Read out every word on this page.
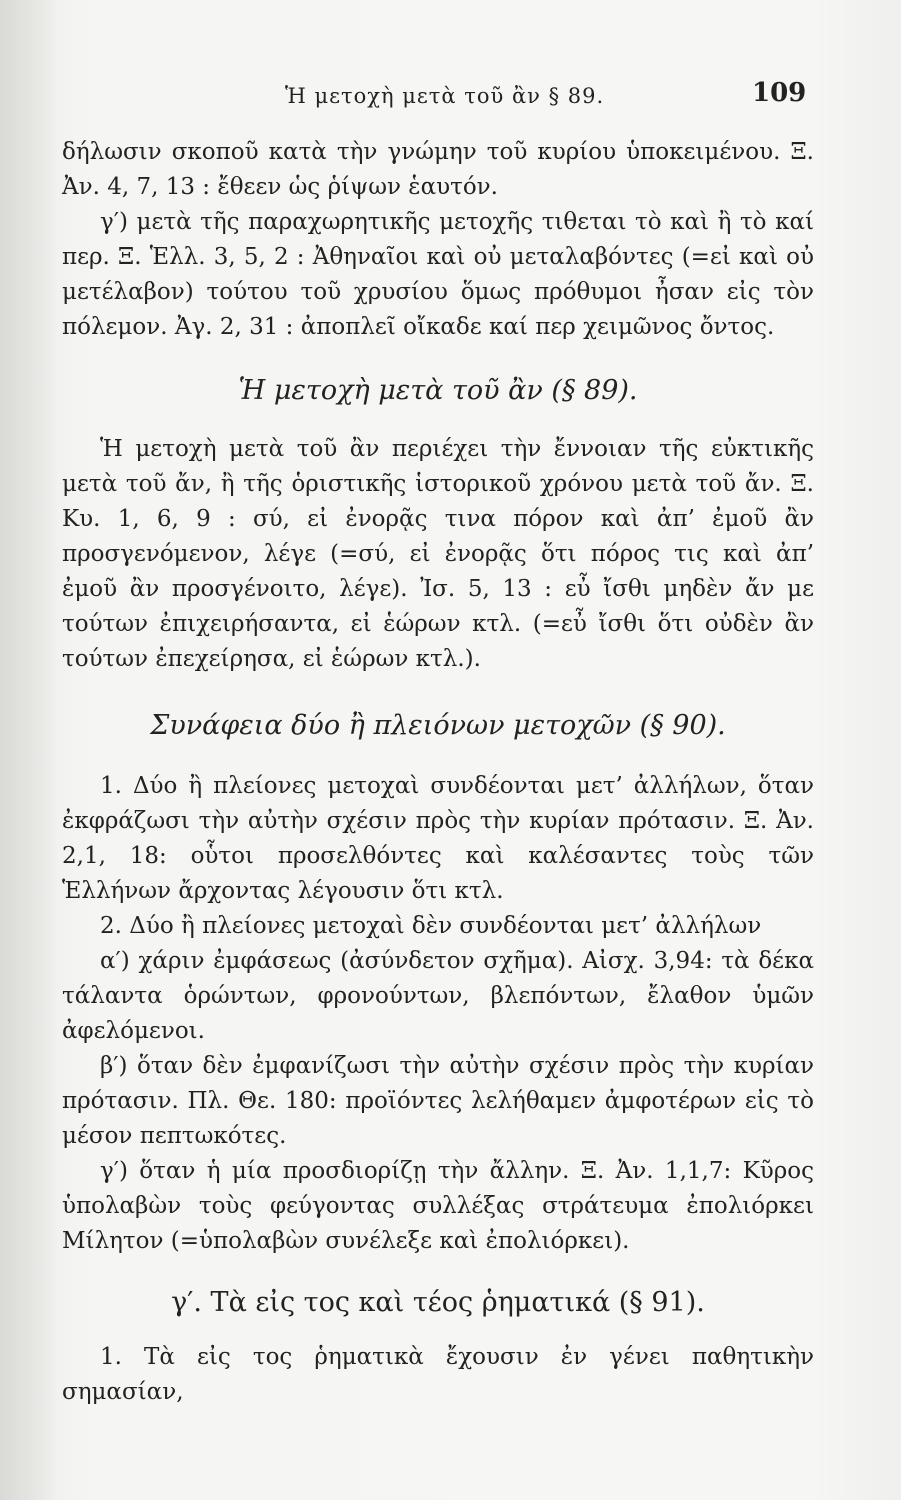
Ἡ μετοχὴ μετὰ τοῦ ἂν § 89.	109

δήλωσιν σκοποῦ κατὰ τὴν γνώμην τοῦ κυρίου ὑποκειμένου. Ξ. Ἀν. 4, 7, 13 : ἔθεεν ὡς ῥίψων ἑαυτόν.

γ′) μετὰ τῆς παραχωρητικῆς μετοχῆς τιθεται τὸ καὶ ἢ τὸ καί περ. Ξ. Ἑλλ. 3, 5, 2 : Ἀθηναῖοι καὶ οὐ μεταλαβόντες (=εἰ καὶ οὐ μετέλαβον) τούτου τοῦ χρυσίου ὅμως πρόθυμοι ἦσαν εἰς τὸν πόλεμον. Ἀγ. 2, 31 : ἀποπλεῖ οἴκαδε καί περ χειμῶνος ὄντος.

Ἡ μετοχὴ μετὰ τοῦ ἂν (§ 89).

Ἡ μετοχὴ μετὰ τοῦ ἂν περιέχει τὴν ἔννοιαν τῆς εὐκτικῆς μετὰ τοῦ ἄν, ἢ τῆς ὁριστικῆς ἱστορικοῦ χρόνου μετὰ τοῦ ἄν. Ξ. Κυ. 1, 6, 9 : σύ, εἰ ἐνορᾷς τινα πόρον καὶ ἀπ’ ἐμοῦ ἂν προσγενόμενον, λέγε (=σύ, εἰ ἐνορᾷς ὅτι πόρος τις καὶ ἀπ’ ἐμοῦ ἂν προσγένοιτο, λέγε). Ἰσ. 5, 13 : εὖ ἴσθι μηδὲν ἄν με τούτων ἐπιχειρήσαντα, εἰ ἑώρων κτλ. (=εὖ ἴσθι ὅτι οὐδὲν ἂν τούτων ἐπεχείρησα, εἰ ἑώρων κτλ.).

Συνάφεια δύο ἢ πλειόνων μετοχῶν (§ 90).

1. Δύο ἢ πλείονες μετοχαὶ συνδέονται μετ’ ἀλλήλων, ὅταν ἐκφράζωσι τὴν αὐτὴν σχέσιν πρὸς τὴν κυρίαν πρότασιν. Ξ. Ἀν. 2,1, 18: οὗτοι προσελθόντες καὶ καλέσαντες τοὺς τῶν Ἑλλήνων ἄρχοντας λέγουσιν ὅτι κτλ.

2. Δύο ἢ πλείονες μετοχαὶ δὲν συνδέονται μετ’ ἀλλήλων

α′) χάριν ἐμφάσεως (ἀσύνδετον σχῆμα). Αἰσχ. 3,94: τὰ δέκα τάλαντα ὁρώντων, φρονούντων, βλεπόντων, ἔλαθον ὑμῶν ἀφελόμενοι.

β′) ὅταν δὲν ἐμφανίζωσι τὴν αὐτὴν σχέσιν πρὸς τὴν κυρίαν πρότασιν. Πλ. Θε. 180: προϊόντες λελήθαμεν ἀμφοτέρων εἰς τὸ μέσον πεπτωκότες.

γ′) ὅταν ἡ μία προσδιορίζῃ τὴν ἄλλην. Ξ. Ἀν. 1,1,7: Κῦρος ὑπολαβὼν τοὺς φεύγοντας συλλέξας στράτευμα ἐπολιόρκει Μίλητον (=ὑπολαβὼν συνέλεξε καὶ ἐπολιόρκει).

γ′. Τὰ εἰς τος καὶ τέος ῥηματικά (§ 91).

1. Τὰ εἰς τος ῥηματικὰ ἔχουσιν ἐν γένει παθητικὴν σημασίαν,
